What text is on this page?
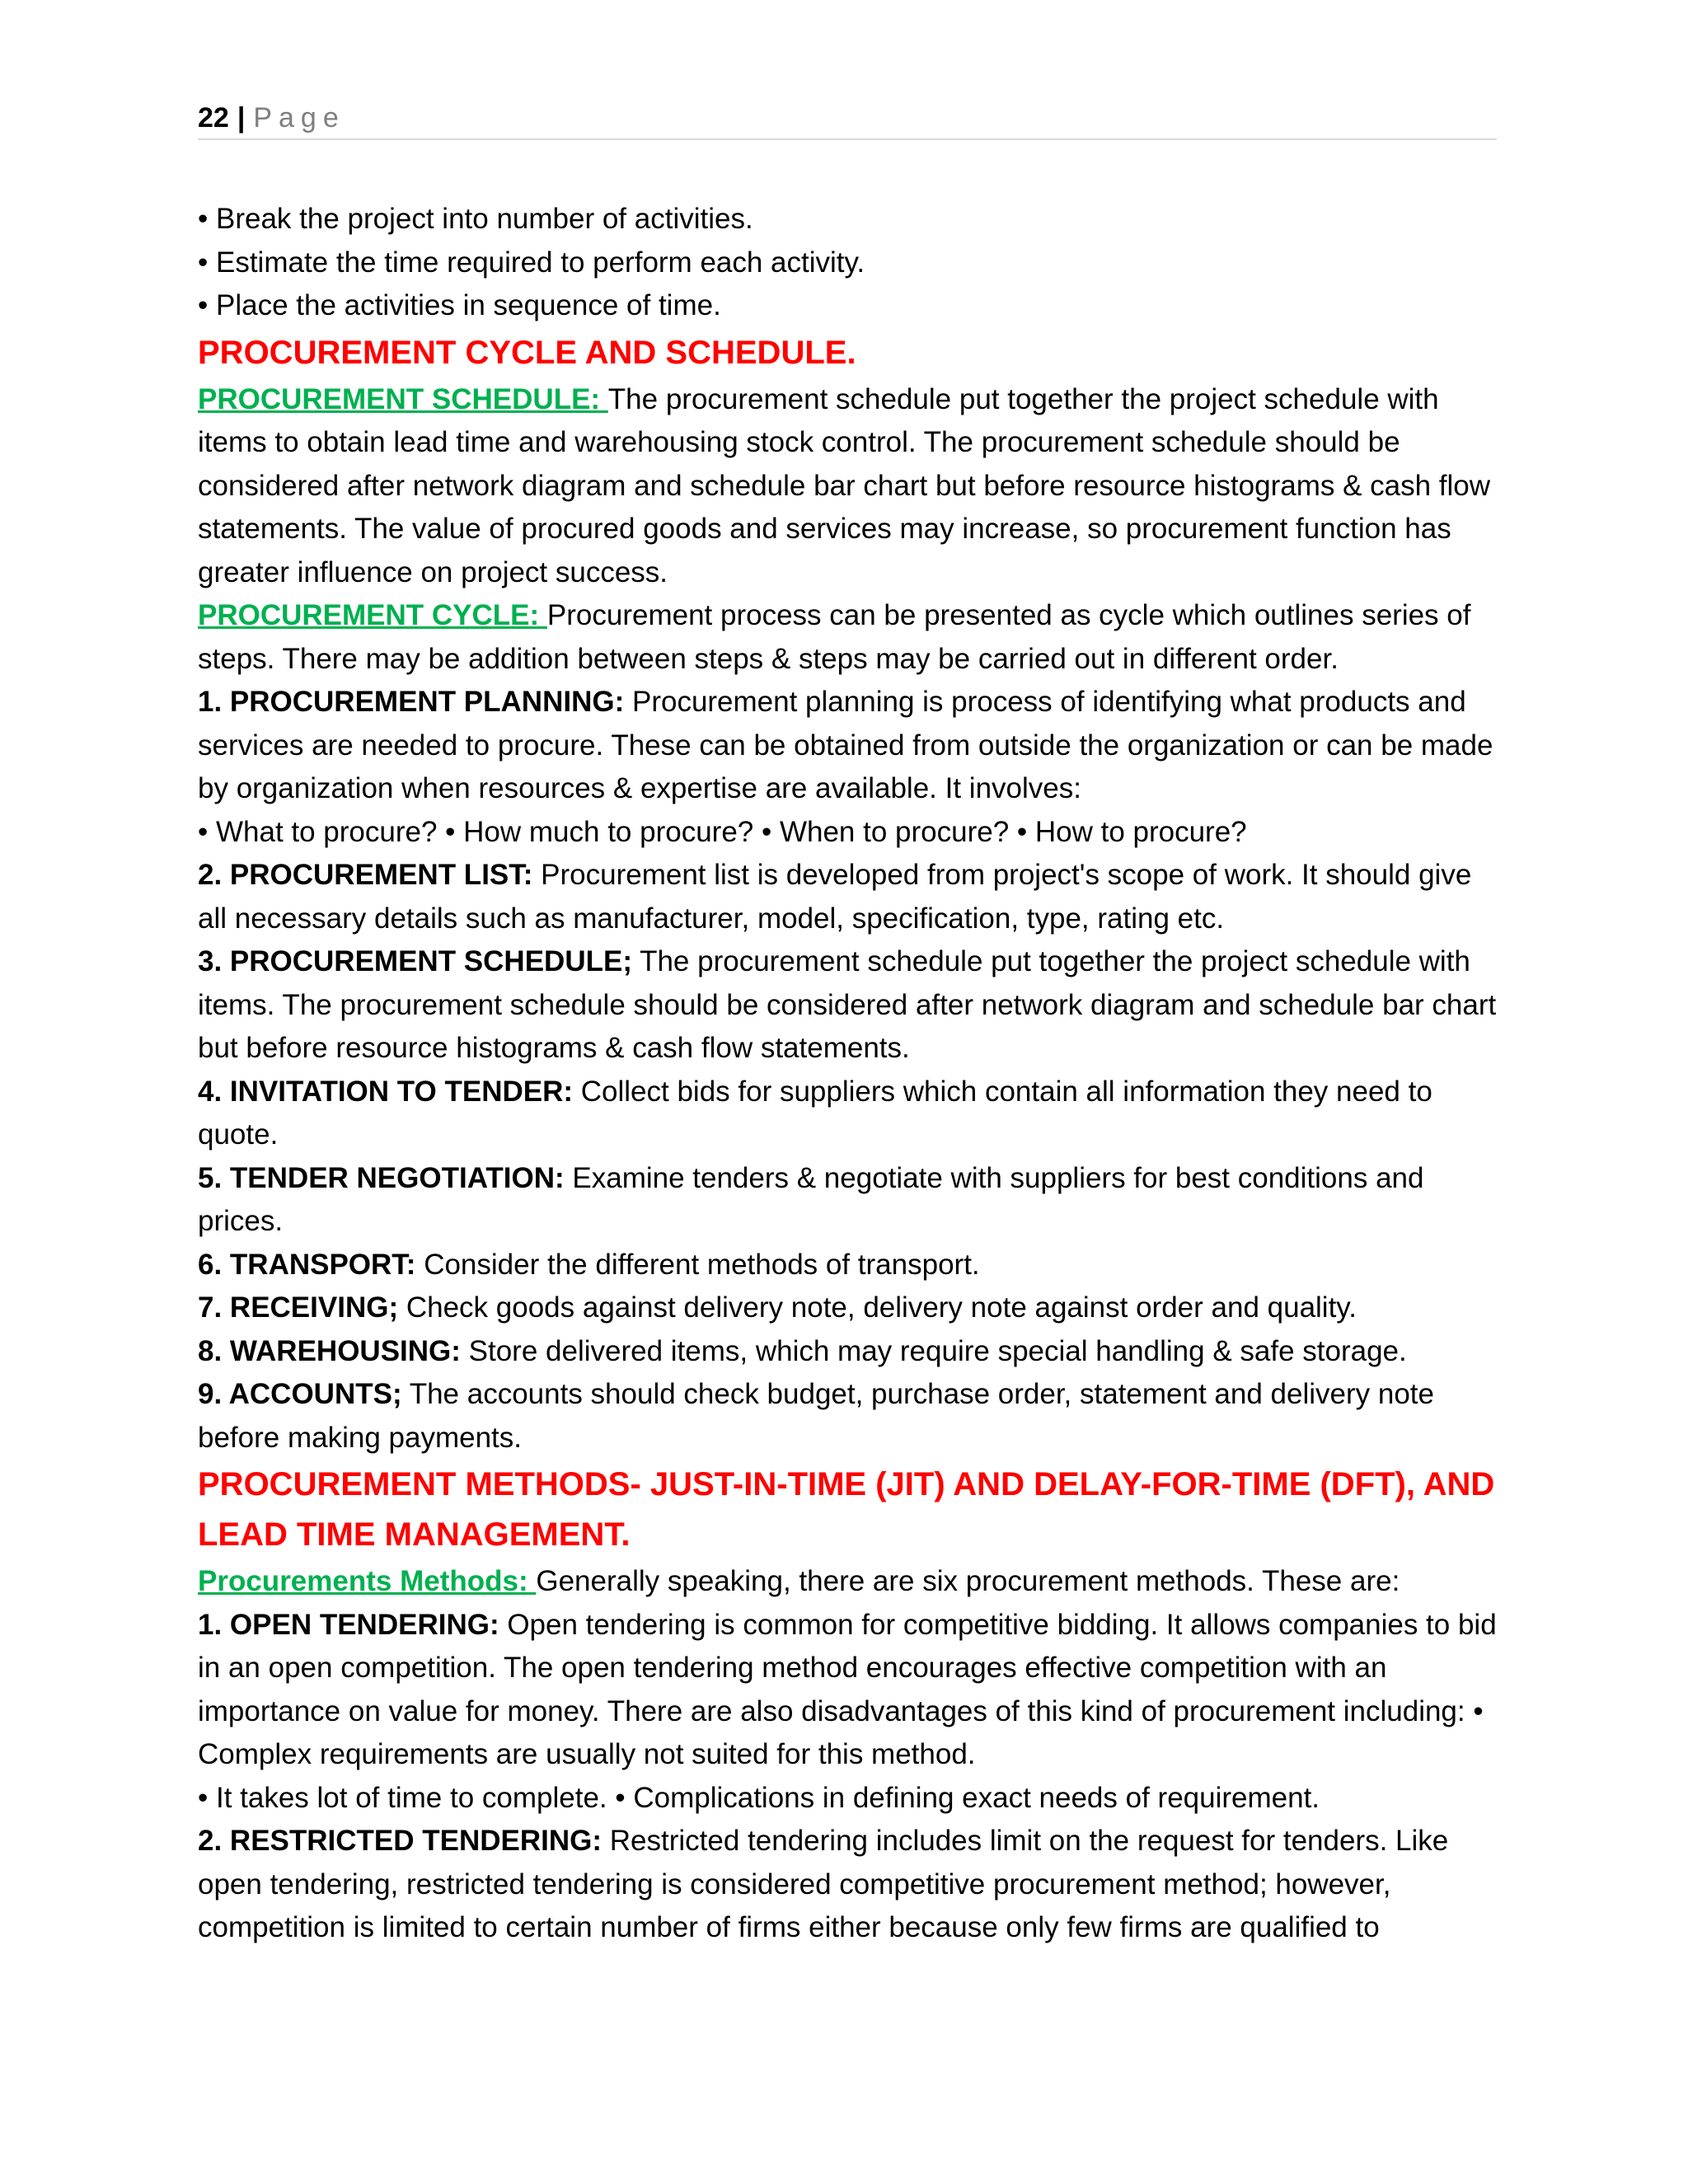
22 | Page

• Break the project into number of activities.

• Estimate the time required to perform each activity.

• Place the activities in sequence of time.

PROCUREMENT CYCLE AND SCHEDULE.

PROCUREMENT SCHEDULE: The procurement schedule put together the project schedule with items to obtain lead time and warehousing stock control. The procurement schedule should be considered after network diagram and schedule bar chart but before resource histograms & cash flow statements. The value of procured goods and services may increase, so procurement function has greater influence on project success.

PROCUREMENT CYCLE: Procurement process can be presented as cycle which outlines series of steps. There may be addition between steps & steps may be carried out in different order.

1. PROCUREMENT PLANNING: Procurement planning is process of identifying what products and services are needed to procure. These can be obtained from outside the organization or can be made by organization when resources & expertise are available. It involves:

• What to procure? • How much to procure? • When to procure? • How to procure?

2. PROCUREMENT LIST: Procurement list is developed from project's scope of work. It should give all necessary details such as manufacturer, model, specification, type, rating etc.

3. PROCUREMENT SCHEDULE; The procurement schedule put together the project schedule with items. The procurement schedule should be considered after network diagram and schedule bar chart but before resource histograms & cash flow statements.

4. INVITATION TO TENDER: Collect bids for suppliers which contain all information they need to quote.

5. TENDER NEGOTIATION: Examine tenders & negotiate with suppliers for best conditions and prices.

6. TRANSPORT: Consider the different methods of transport.

7. RECEIVING; Check goods against delivery note, delivery note against order and quality.

8. WAREHOUSING: Store delivered items, which may require special handling & safe storage.

9. ACCOUNTS; The accounts should check budget, purchase order, statement and delivery note before making payments.

PROCUREMENT METHODS- JUST-IN-TIME (JIT) AND DELAY-FOR-TIME (DFT), AND LEAD TIME MANAGEMENT.

Procurements Methods: Generally speaking, there are six procurement methods. These are:

1. OPEN TENDERING: Open tendering is common for competitive bidding. It allows companies to bid in an open competition. The open tendering method encourages effective competition with an importance on value for money. There are also disadvantages of this kind of procurement including: • Complex requirements are usually not suited for this method.

• It takes lot of time to complete. • Complications in defining exact needs of requirement.

2. RESTRICTED TENDERING: Restricted tendering includes limit on the request for tenders. Like open tendering, restricted tendering is considered competitive procurement method; however, competition is limited to certain number of firms either because only few firms are qualified to
